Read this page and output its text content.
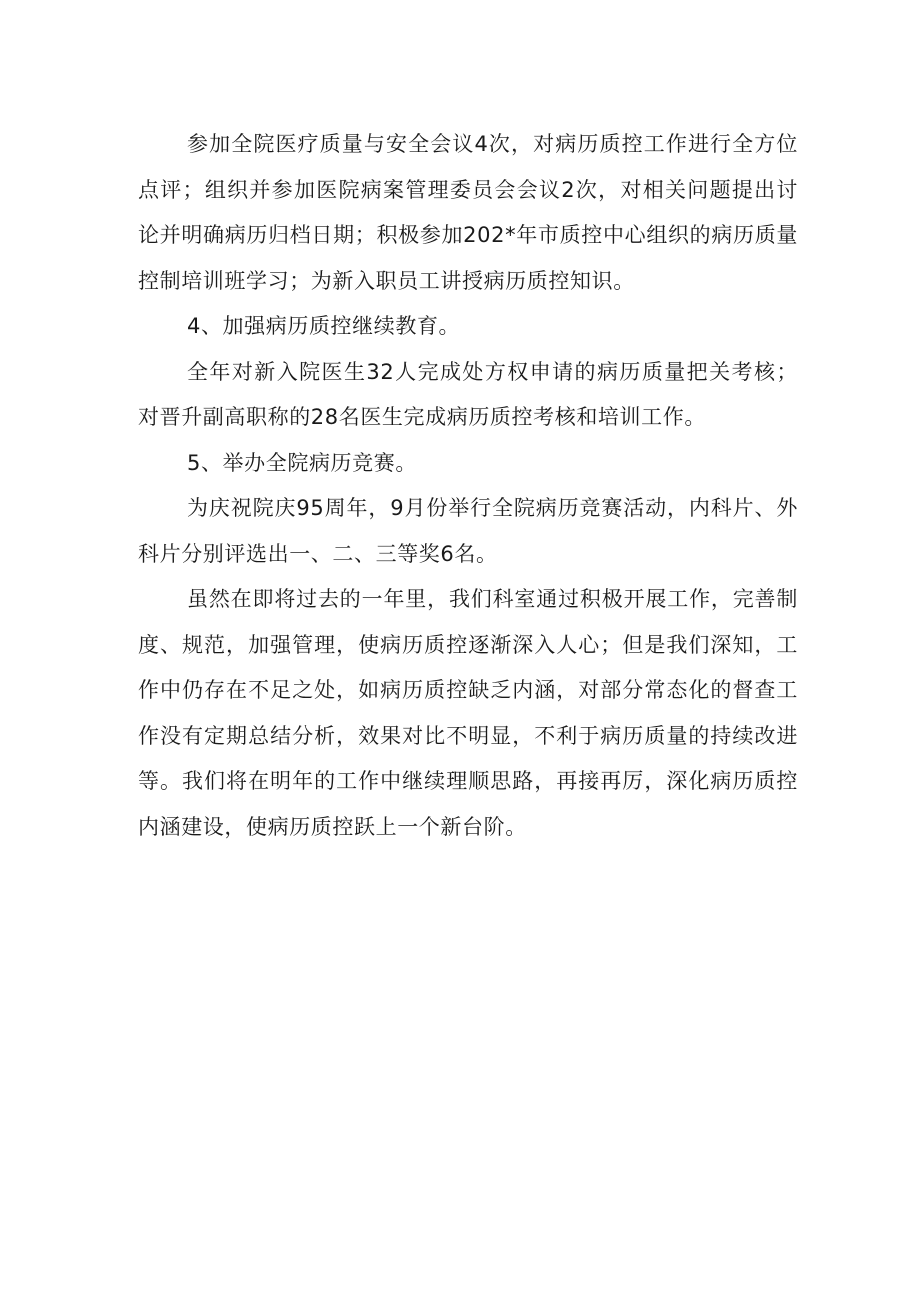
参加全院医疗质量与安全会议4次，对病历质控工作进行全方位点评；组织并参加医院病案管理委员会会议2次，对相关问题提出讨论并明确病历归档日期；积极参加202*年市质控中心组织的病历质量控制培训班学习；为新入职员工讲授病历质控知识。

4、加强病历质控继续教育。

全年对新入院医生32人完成处方权申请的病历质量把关考核；对晋升副高职称的28名医生完成病历质控考核和培训工作。

5、举办全院病历竞赛。

为庆祝院庆95周年，9月份举行全院病历竞赛活动，内科片、外科片分别评选出一、二、三等奖6名。

虽然在即将过去的一年里，我们科室通过积极开展工作，完善制度、规范，加强管理，使病历质控逐渐深入人心；但是我们深知，工作中仍存在不足之处，如病历质控缺乏内涵，对部分常态化的督查工作没有定期总结分析，效果对比不明显，不利于病历质量的持续改进等。我们将在明年的工作中继续理顺思路，再接再厉，深化病历质控内涵建设，使病历质控跃上一个新台阶。
